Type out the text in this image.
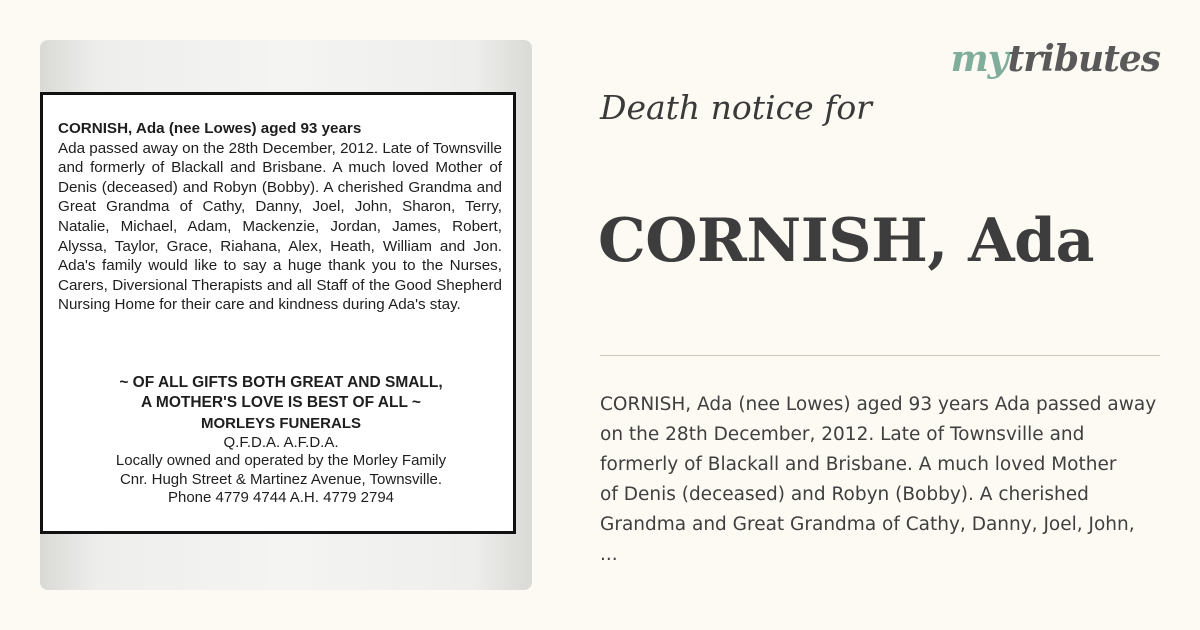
CORNISH, Ada (nee Lowes) aged 93 years
Ada passed away on the 28th December, 2012. Late of Townsville and formerly of Blackall and Brisbane. A much loved Mother of Denis (deceased) and Robyn (Bobby). A cherished Grandma and Great Grandma of Cathy, Danny, Joel, John, Sharon, Terry, Natalie, Michael, Adam, Mackenzie, Jordan, James, Robert, Alyssa, Taylor, Grace, Riahana, Alex, Heath, William and Jon. Ada's family would like to say a huge thank you to the Nurses, Carers, Diversional Therapists and all Staff of the Good Shepherd Nursing Home for their care and kindness during Ada's stay.
~ OF ALL GIFTS BOTH GREAT AND SMALL,
A MOTHER'S LOVE IS BEST OF ALL ~
MORLEYS FUNERALS
Q.F.D.A. A.F.D.A.
Locally owned and operated by the Morley Family
Cnr. Hugh Street & Martinez Avenue, Townsville.
Phone 4779 4744 A.H. 4779 2794
mytributes
Death notice for
CORNISH, Ada
CORNISH, Ada (nee Lowes) aged 93 years Ada passed away
on the 28th December, 2012. Late of Townsville and
formerly of Blackall and Brisbane. A much loved Mother
of Denis (deceased) and Robyn (Bobby). A cherished
Grandma and Great Grandma of Cathy, Danny, Joel, John,
...
